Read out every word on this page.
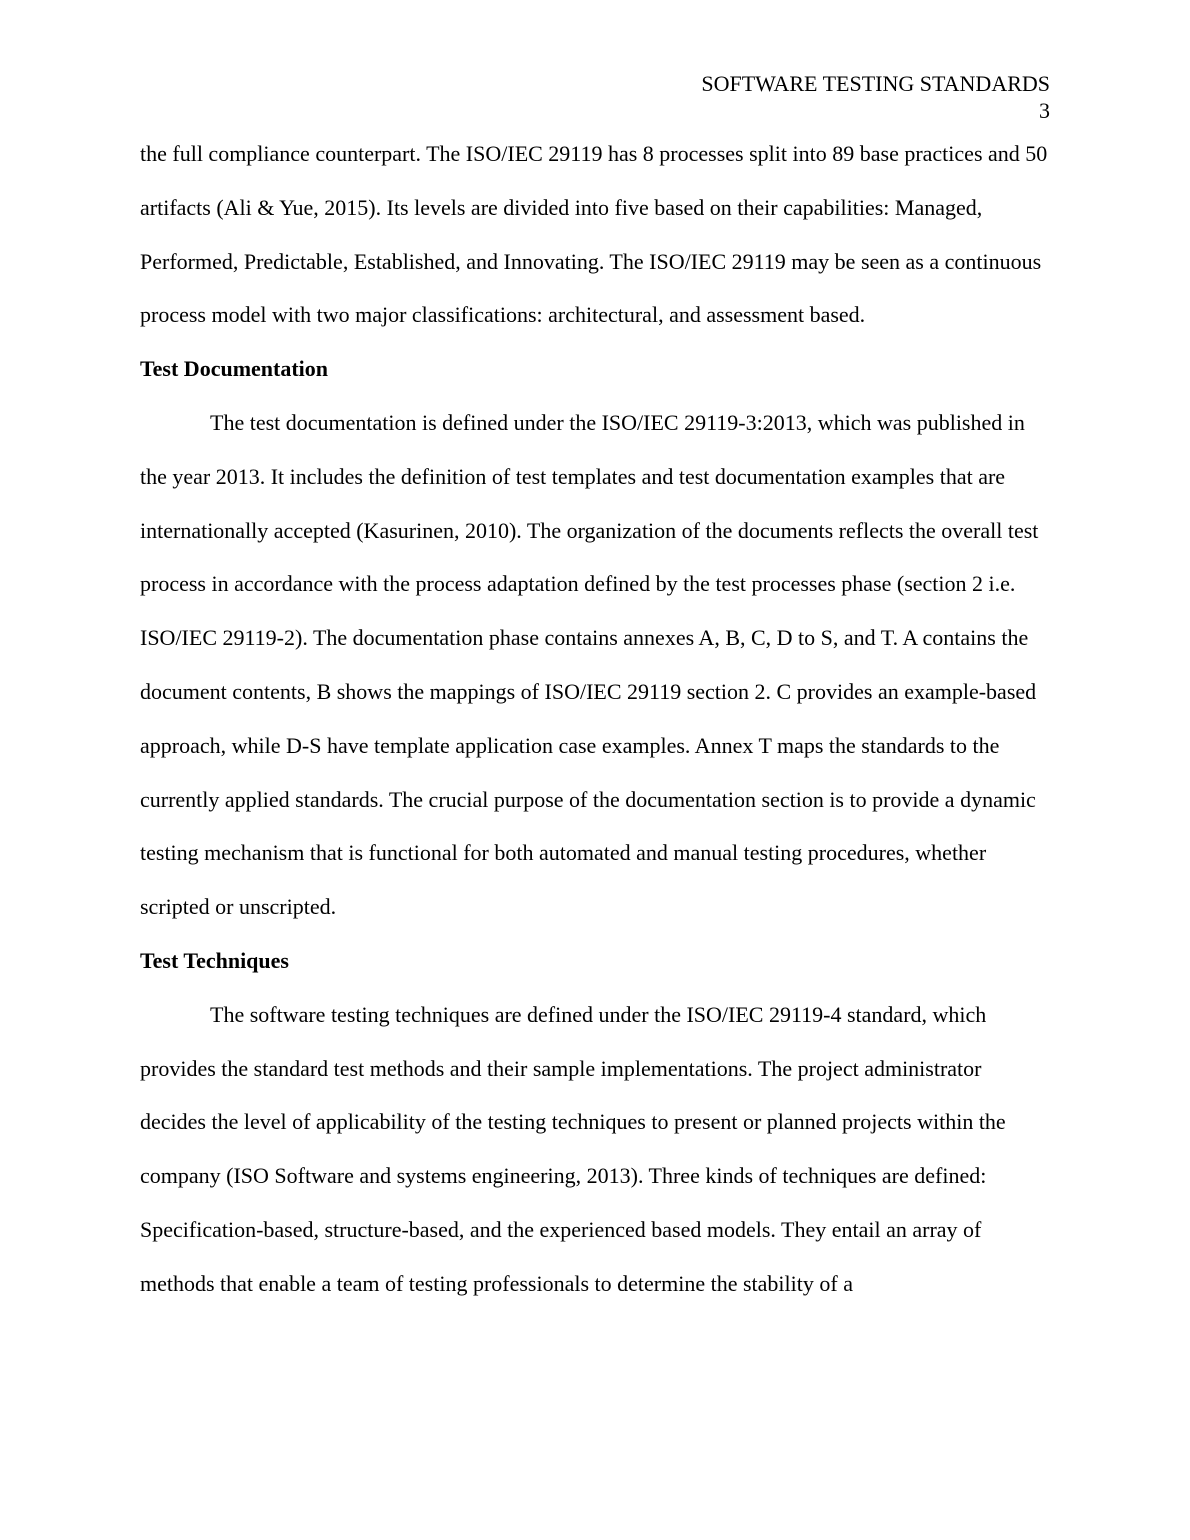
SOFTWARE TESTING STANDARDS
3

the full compliance counterpart. The ISO/IEC 29119 has 8 processes split into 89 base practices and 50 artifacts (Ali & Yue, 2015). Its levels are divided into five based on their capabilities: Managed, Performed, Predictable, Established, and Innovating. The ISO/IEC 29119 may be seen as a continuous process model with two major classifications: architectural, and assessment based.

Test Documentation

The test documentation is defined under the ISO/IEC 29119-3:2013, which was published in the year 2013. It includes the definition of test templates and test documentation examples that are internationally accepted (Kasurinen, 2010). The organization of the documents reflects the overall test process in accordance with the process adaptation defined by the test processes phase (section 2 i.e. ISO/IEC 29119-2). The documentation phase contains annexes A, B, C, D to S, and T. A contains the document contents, B shows the mappings of ISO/IEC 29119 section 2. C provides an example-based approach, while D-S have template application case examples. Annex T maps the standards to the currently applied standards. The crucial purpose of the documentation section is to provide a dynamic testing mechanism that is functional for both automated and manual testing procedures, whether scripted or unscripted.

Test Techniques

The software testing techniques are defined under the ISO/IEC 29119-4 standard, which provides the standard test methods and their sample implementations. The project administrator decides the level of applicability of the testing techniques to present or planned projects within the company (ISO Software and systems engineering, 2013). Three kinds of techniques are defined: Specification-based, structure-based, and the experienced based models. They entail an array of methods that enable a team of testing professionals to determine the stability of a
